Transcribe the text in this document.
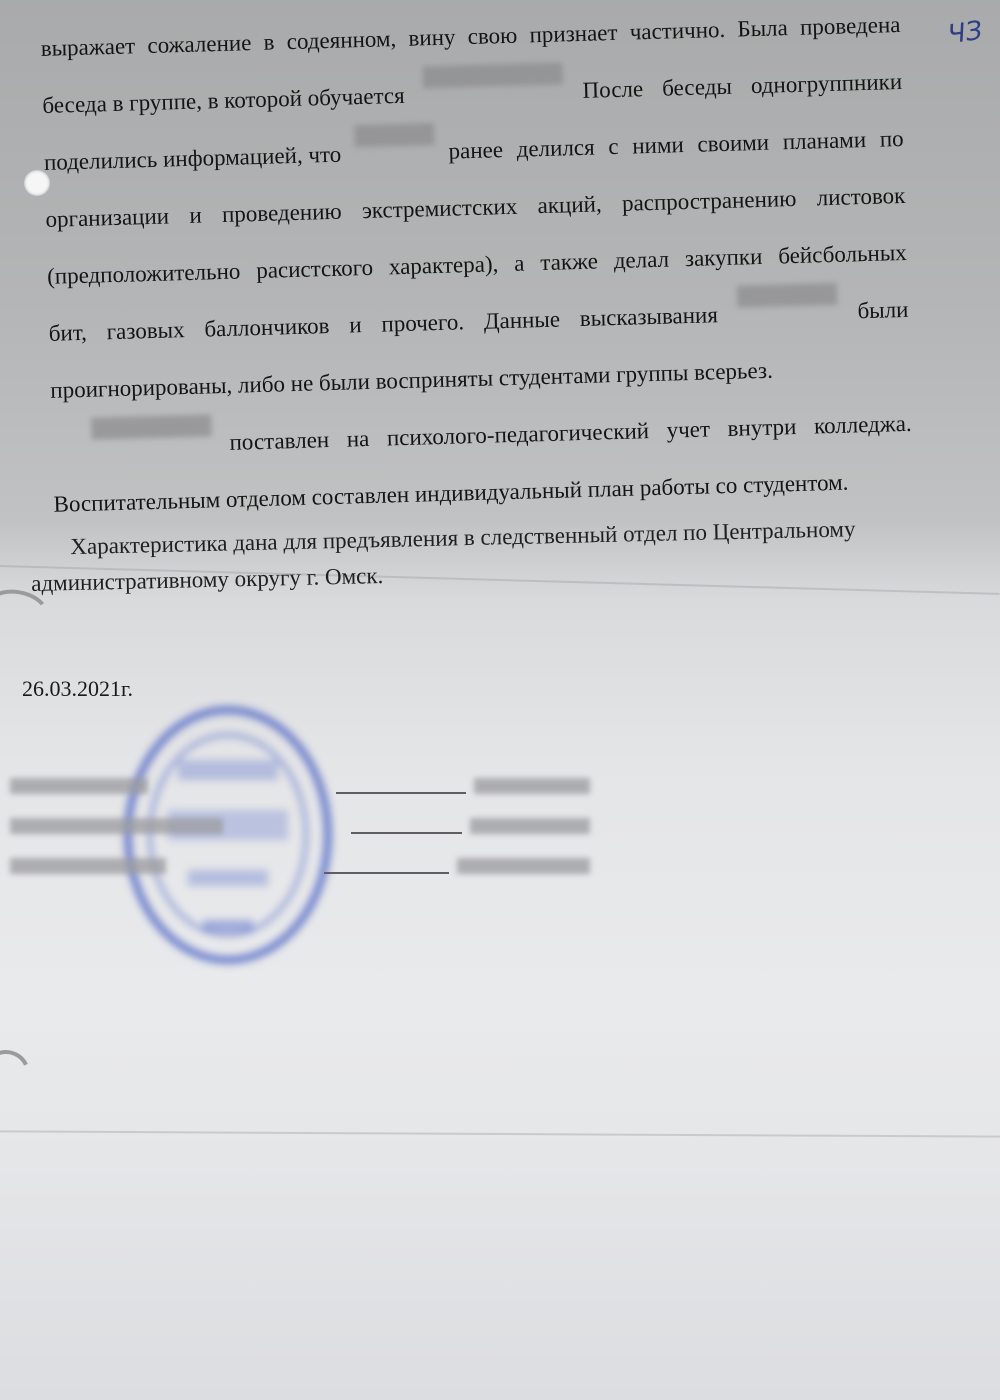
ЧЗ
выражает сожаление в содеянном, вину свою признает частично. Была проведена
беседа в группе, в которой обучается	После беседы одногруппники
поделились информацией, что	ранее делился с ними своими планами по
организации и проведению экстремистских акций, распространению листовок
(предположительно расистского характера), а также делал закупки бейсбольных
бит, газовых баллончиков и прочего. Данные высказывания	были
проигнорированы, либо не были восприняты студентами группы всерьез.
поставлен на психолого-педагогический учет внутри колледжа.
Воспитательным отделом составлен индивидуальный план работы со студентом.
Характеристика дана для предъявления в следственный отдел по Центральному
административному округу г. Омск.
26.03.2021г.
